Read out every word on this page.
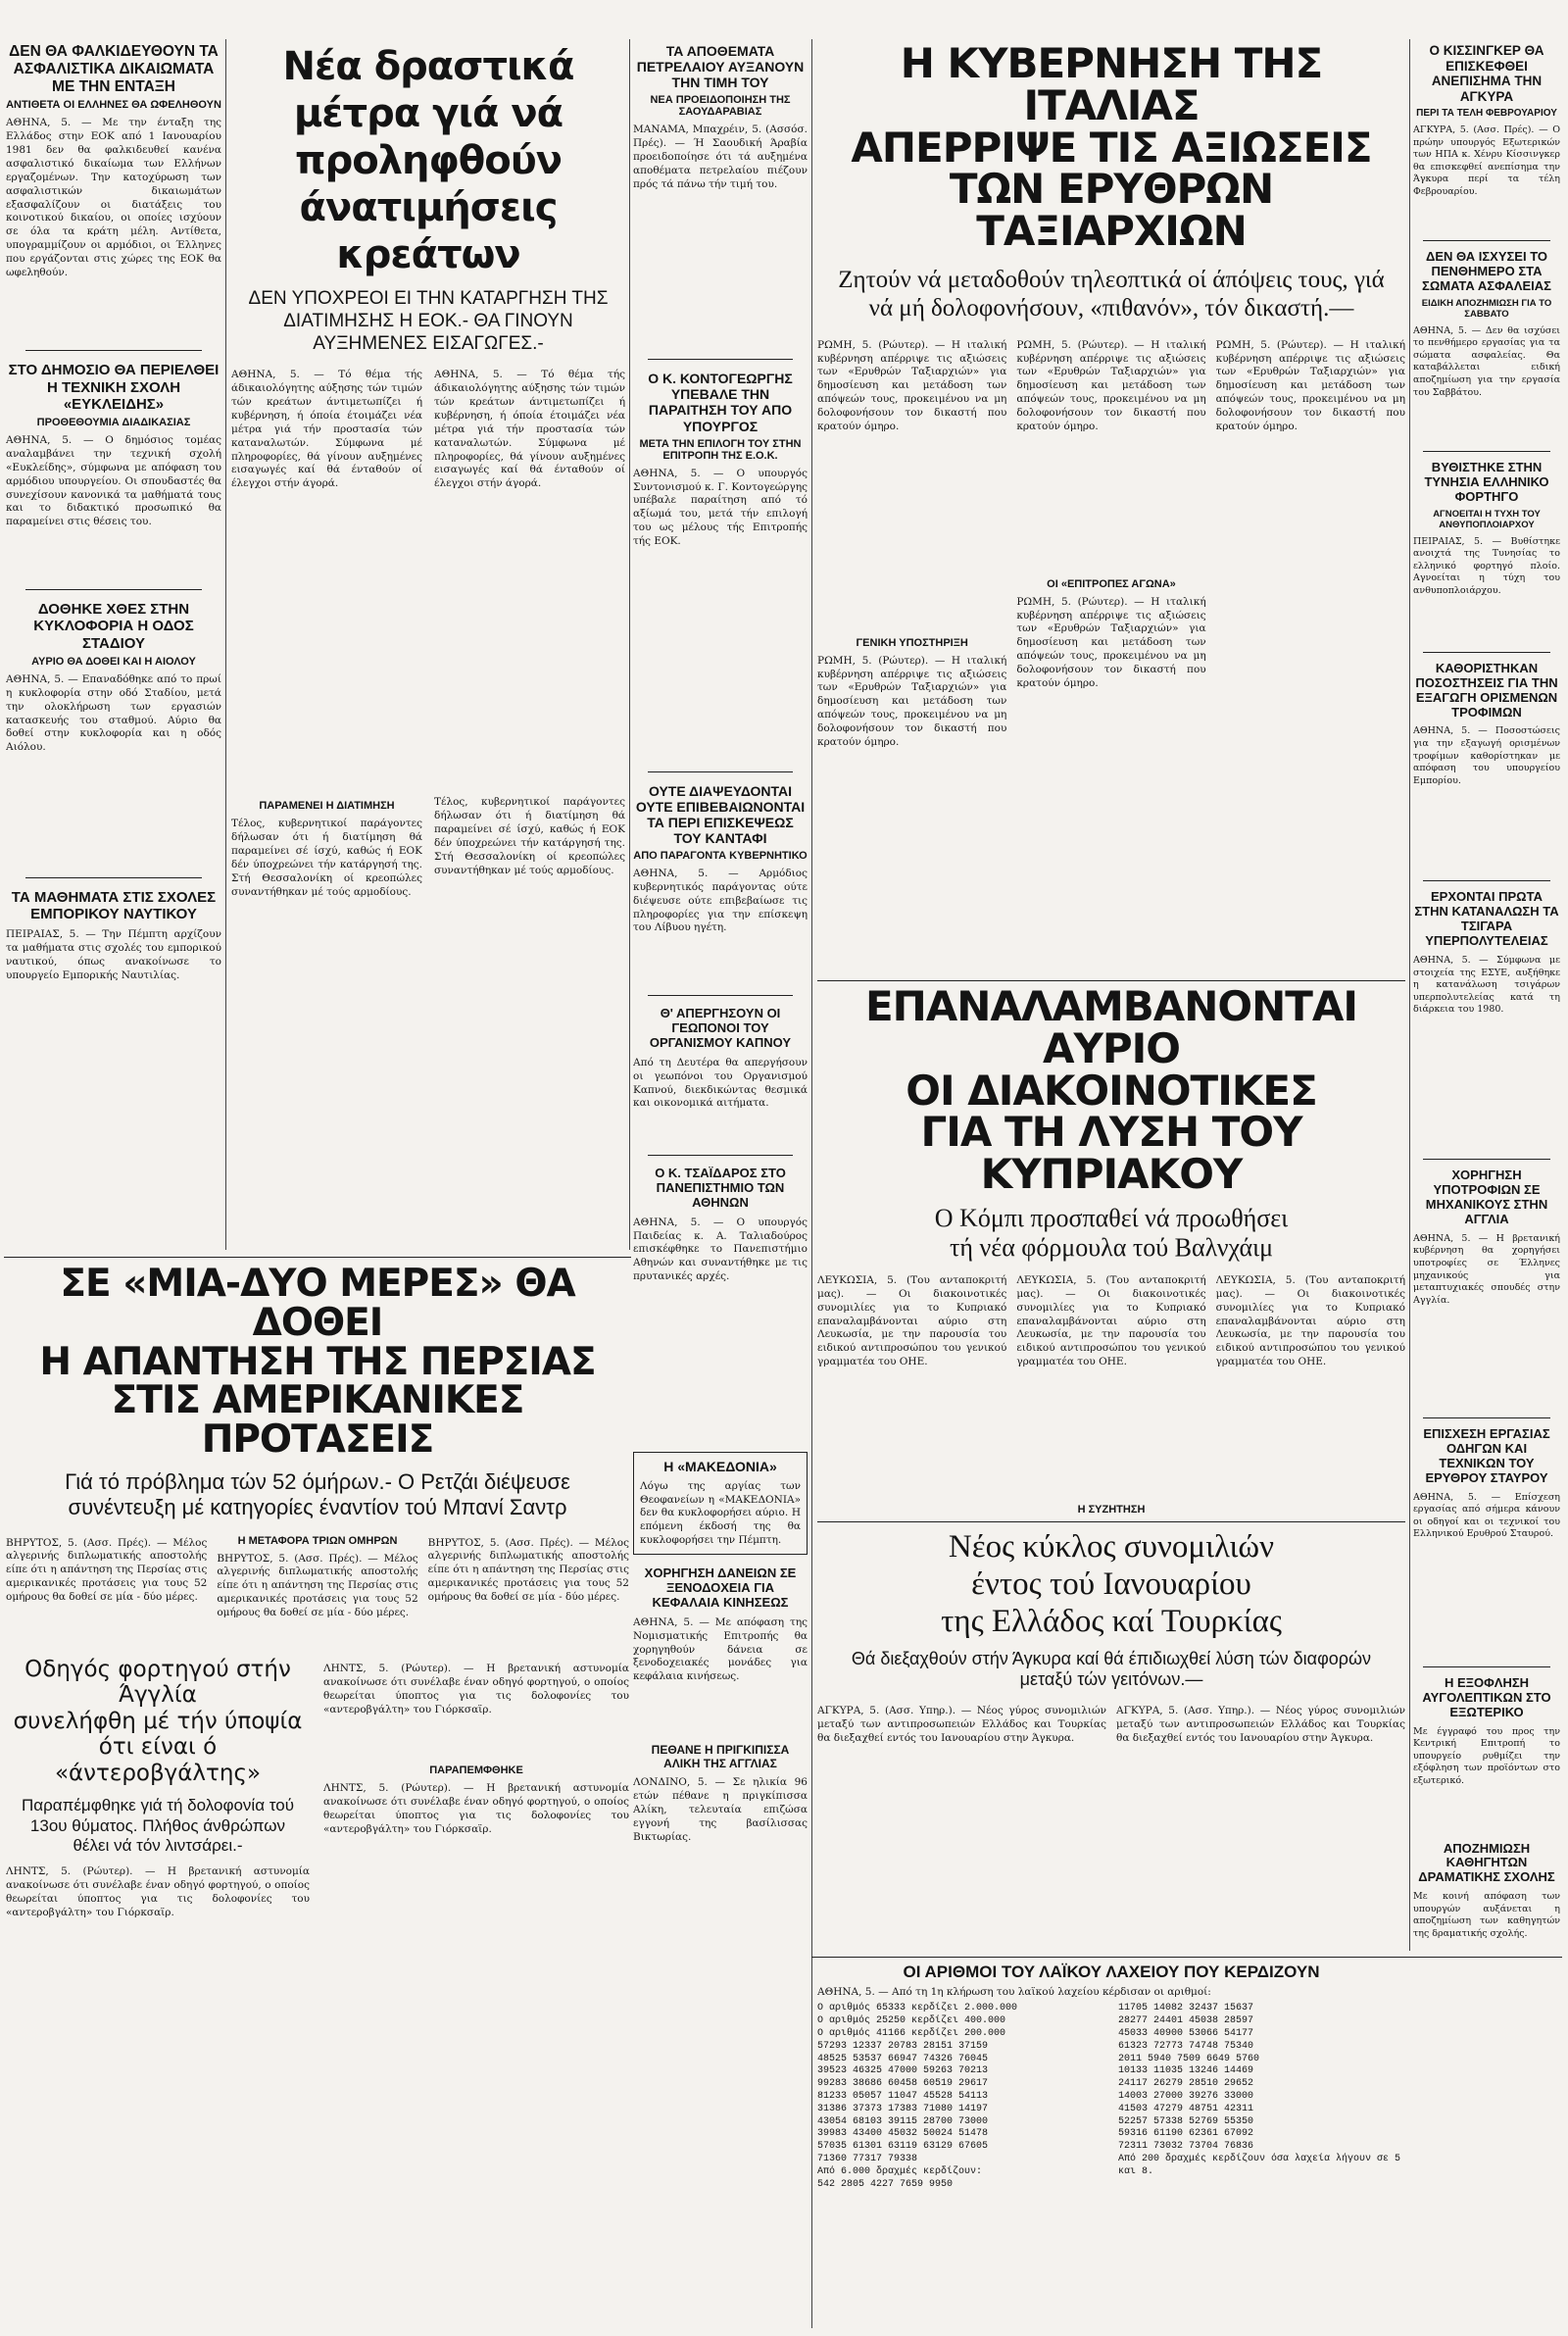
ΔΕΝ ΘΑ ΦΑΛΚΙΔΕΥΘΟΥΝ ΤΑ ΑΣΦΑΛΙΣΤΙΚΑ ΔΙΚΑΙΩΜΑΤΑ ΜΕ ΤΗΝ ΕΝΤΑΞΗ
ΑΝΤΙΘΕΤΑ ΟΙ ΕΛΛΗΝΕΣ ΘΑ ΩΦΕΛΗΘΟΥΝ
ΑΘΗΝΑ, 5. — Με την ένταξη της Ελλάδος στην ΕΟΚ από 1 Ιανουαρίου 1981 δεν θα φαλκιδευθεί κανένα ασφαλιστικό δικαίωμα των Ελλήνων εργαζομένων. Την κατοχύρωση των ασφαλιστικών δικαιωμάτων εξασφαλίζουν οι διατάξεις του κοινοτικού δικαίου, οι οποίες ισχύουν σε όλα τα κράτη μέλη. Αντίθετα, υπογραμμίζουν οι αρμόδιοι, οι Έλληνες που εργάζονται στις χώρες της ΕΟΚ θα ωφεληθούν.
ΣΤΟ ΔΗΜΟΣΙΟ ΘΑ ΠΕΡΙΕΛΘΕΙ Η ΤΕΧΝΙΚΗ ΣΧΟΛΗ «ΕΥΚΛΕΙΔΗΣ»
ΠΡΟΘΕΘΟΥΜΙΑ ΔΙΑΔΙΚΑΣΙΑΣ
ΑΘΗΝΑ, 5. — Ο δημόσιος τομέας αναλαμβάνει την τεχνική σχολή «Ευκλείδης», σύμφωνα με απόφαση του αρμόδιου υπουργείου. Οι σπουδαστές θα συνεχίσουν κανονικά τα μαθήματά τους και το διδακτικό προσωπικό θα παραμείνει στις θέσεις του.
ΔΟΘΗΚΕ ΧΘΕΣ ΣΤΗΝ ΚΥΚΛΟΦΟΡΙΑ Η ΟΔΟΣ ΣΤΑΔΙΟΥ
ΑΥΡΙΟ ΘΑ ΔΟΘΕΙ ΚΑΙ Η ΑΙΟΛΟΥ
ΑΘΗΝΑ, 5. — Επαναδόθηκε από το πρωί η κυκλοφορία στην οδό Σταδίου, μετά την ολοκλήρωση των εργασιών κατασκευής του σταθμού. Αύριο θα δοθεί στην κυκλοφορία και η οδός Αιόλου.
ΤΑ ΜΑΘΗΜΑΤΑ ΣΤΙΣ ΣΧΟΛΕΣ ΕΜΠΟΡΙΚΟΥ ΝΑΥΤΙΚΟΥ
ΠΕΙΡΑΙΑΣ, 5. — Την Πέμπτη αρχίζουν τα μαθήματα στις σχολές του εμπορικού ναυτικού, όπως ανακοίνωσε το υπουργείο Εμπορικής Ναυτιλίας.
Νέα δραστικά μέτρα γιά νά προληφθούν άνατιμήσεις κρεάτων
ΔΕΝ ΥΠΟΧΡΕΟΙ ΕΙ ΤΗΝ ΚΑΤΑΡΓΗΣΗ ΤΗΣ ΔΙΑΤΙΜΗΣΗΣ Η ΕΟΚ.- ΘΑ ΓΙΝΟΥΝ ΑΥΞΗΜΕΝΕΣ ΕΙΣΑΓΩΓΕΣ.-
ΑΘΗΝΑ, 5. — Τό θέμα τής άδικαιολόγητης αύξησης τών τιμών τών κρεάτων άντιμετωπίζει ή κυβέρνηση, ή όποία έτοιμάζει νέα μέτρα γιά τήν προστασία τών καταναλωτών. Σύμφωνα μέ πληροφορίες, θά γίνουν αυξημένες εισαγωγές καί θά ένταθούν οί έλεγχοι στήν άγορά.
ΑΘΗΝΑ, 5. — Τό θέμα τής άδικαιολόγητης αύξησης τών τιμών τών κρεάτων άντιμετωπίζει ή κυβέρνηση, ή όποία έτοιμάζει νέα μέτρα γιά τήν προστασία τών καταναλωτών. Σύμφωνα μέ πληροφορίες, θά γίνουν αυξημένες εισαγωγές καί θά ένταθούν οί έλεγχοι στήν άγορά.
ΠΑΡΑΜΕΝΕΙ Η ΔΙΑΤΙΜΗΣΗ
Τέλος, κυβερνητικοί παράγοντες δήλωσαν ότι ή διατίμηση θά παραμείνει σέ ίσχύ, καθώς ή ΕΟΚ δέν ύποχρεώνει τήν κατάργησή της. Στή Θεσσαλονίκη οί κρεοπώλες συναντήθηκαν μέ τούς αρμοδίους.
Τέλος, κυβερνητικοί παράγοντες δήλωσαν ότι ή διατίμηση θά παραμείνει σέ ίσχύ, καθώς ή ΕΟΚ δέν ύποχρεώνει τήν κατάργησή της. Στή Θεσσαλονίκη οί κρεοπώλες συναντήθηκαν μέ τούς αρμοδίους.
ΤΑ ΑΠΟΘΕΜΑΤΑ ΠΕΤΡΕΛΑΙΟΥ ΑΥΞΑΝΟΥΝ ΤΗΝ ΤΙΜΗ ΤΟΥ
ΝΕΑ ΠΡΟΕΙΔΟΠΟΙΗΣΗ ΤΗΣ ΣΑΟΥΔΑΡΑΒΙΑΣ
ΜΑΝΑΜΑ, Μπαχρέιν, 5. (Ασσόσ. Πρές). — Ή Σαουδική Άραβία προειδοποίησε ότι τά αυξημένα αποθέματα πετρελαίου πιέζουν πρός τά πάνω τήν τιμή του.
Ο Κ. ΚΟΝΤΟΓΕΩΡΓΗΣ ΥΠΕΒΑΛΕ ΤΗΝ ΠΑΡΑΙΤΗΣΗ ΤΟΥ ΑΠΟ ΥΠΟΥΡΓΟΣ
ΜΕΤΑ ΤΗΝ ΕΠΙΛΟΓΗ ΤΟΥ ΣΤΗΝ ΕΠΙΤΡΟΠΗ ΤΗΣ Ε.Ο.Κ.
ΑΘΗΝΑ, 5. — Ο υπουργός Συντονισμού κ. Γ. Κοντογεώργης υπέβαλε παραίτηση από τό αξίωμά του, μετά τήν επιλογή του ως μέλους τής Επιτροπής τής ΕΟΚ.
ΟΥΤΕ ΔΙΑΨΕΥΔΟΝΤΑΙ ΟΥΤΕ ΕΠΙΒΕΒΑΙΩΝΟΝΤΑΙ ΤΑ ΠΕΡΙ ΕΠΙΣΚΕΨΕΩΣ ΤΟΥ ΚΑΝΤΑΦΙ
ΑΠΟ ΠΑΡΑΓΟΝΤΑ ΚΥΒΕΡΝΗΤΙΚΟ
ΑΘΗΝΑ, 5. — Αρμόδιος κυβερνητικός παράγοντας ούτε διέψευσε ούτε επιβεβαίωσε τις πληροφορίες για την επίσκεψη του Λίβυου ηγέτη.
Θ' ΑΠΕΡΓΗΣΟΥΝ ΟΙ ΓΕΩΠΟΝΟΙ ΤΟΥ ΟΡΓΑΝΙΣΜΟΥ ΚΑΠΝΟΥ
Από τη Δευτέρα θα απεργήσουν οι γεωπόνοι του Οργανισμού Καπνού, διεκδικώντας θεσμικά και οικονομικά αιτήματα.
Ο Κ. ΤΣΑΪΔΑΡΟΣ ΣΤΟ ΠΑΝΕΠΙΣΤΗΜΙΟ ΤΩΝ ΑΘΗΝΩΝ
ΑΘΗΝΑ, 5. — Ο υπουργός Παιδείας κ. Α. Ταλιαδούρος επισκέφθηκε το Πανεπιστήμιο Αθηνών και συναντήθηκε με τις πρυτανικές αρχές.
Η «ΜΑΚΕΔΟΝΙΑ»
Λόγω της αργίας των Θεοφανείων η «ΜΑΚΕΔΟΝΙΑ» δεν θα κυκλοφορήσει αύριο. Η επόμενη έκδοσή της θα κυκλοφορήσει την Πέμπτη.
ΧΟΡΗΓΗΣΗ ΔΑΝΕΙΩΝ ΣΕ ΞΕΝΟΔΟΧΕΙΑ ΓΙΑ ΚΕΦΑΛΑΙΑ ΚΙΝΗΣΕΩΣ
ΑΘΗΝΑ, 5. — Με απόφαση της Νομισματικής Επιτροπής θα χορηγηθούν δάνεια σε ξενοδοχειακές μονάδες για κεφάλαια κινήσεως.
ΠΕΘΑΝΕ Η ΠΡΙΓΚΙΠΙΣΣΑ ΑΛΙΚΗ ΤΗΣ ΑΓΓΛΙΑΣ
ΛΟΝΔΙΝΟ, 5. — Σε ηλικία 96 ετών πέθανε η πριγκίπισσα Αλίκη, τελευταία επιζώσα εγγονή της βασίλισσας Βικτωρίας.
Η ΚΥΒΕΡΝΗΣΗ ΤΗΣ ΙΤΑΛΙΑΣ
ΑΠΕΡΡΙΨΕ ΤΙΣ ΑΞΙΩΣΕΙΣ
ΤΩΝ ΕΡΥΘΡΩΝ ΤΑΞΙΑΡΧΙΩΝ
Ζητούν νά μεταδοθούν τηλεοπτικά οί άπόψεις τους, γιά νά μή δολοφονήσουν, «πιθανόν», τόν δικαστή.—
ΡΩΜΗ, 5. (Ρώυτερ). — Η ιταλική κυβέρνηση απέρριψε τις αξιώσεις των «Ερυθρών Ταξιαρχιών» για δημοσίευση και μετάδοση των απόψεών τους, προκειμένου να μη δολοφονήσουν τον δικαστή που κρατούν όμηρο.
ΓΕΝΙΚΗ ΥΠΟΣΤΗΡΙΞΗ
ΡΩΜΗ, 5. (Ρώυτερ). — Η ιταλική κυβέρνηση απέρριψε τις αξιώσεις των «Ερυθρών Ταξιαρχιών» για δημοσίευση και μετάδοση των απόψεών τους, προκειμένου να μη δολοφονήσουν τον δικαστή που κρατούν όμηρο.
ΡΩΜΗ, 5. (Ρώυτερ). — Η ιταλική κυβέρνηση απέρριψε τις αξιώσεις των «Ερυθρών Ταξιαρχιών» για δημοσίευση και μετάδοση των απόψεών τους, προκειμένου να μη δολοφονήσουν τον δικαστή που κρατούν όμηρο.
ΟΙ «ΕΠΙΤΡΟΠΕΣ ΑΓΩΝΑ»
ΡΩΜΗ, 5. (Ρώυτερ). — Η ιταλική κυβέρνηση απέρριψε τις αξιώσεις των «Ερυθρών Ταξιαρχιών» για δημοσίευση και μετάδοση των απόψεών τους, προκειμένου να μη δολοφονήσουν τον δικαστή που κρατούν όμηρο.
ΡΩΜΗ, 5. (Ρώυτερ). — Η ιταλική κυβέρνηση απέρριψε τις αξιώσεις των «Ερυθρών Ταξιαρχιών» για δημοσίευση και μετάδοση των απόψεών τους, προκειμένου να μη δολοφονήσουν τον δικαστή που κρατούν όμηρο.
Ο ΚΙΣΣΙΝΓΚΕΡ ΘΑ ΕΠΙΣΚΕΦΘΕΙ ΑΝΕΠΙΣΗΜΑ ΤΗΝ ΑΓΚΥΡΑ
ΠΕΡΙ ΤΑ ΤΕΛΗ ΦΕΒΡΟΥΑΡΙΟΥ
ΑΓΚΥΡΑ, 5. (Ασσ. Πρές). — Ο πρώην υπουργός Εξωτερικών των ΗΠΑ κ. Χένρυ Κίσσινγκερ θα επισκεφθεί ανεπίσημα την Άγκυρα περί τα τέλη Φεβρουαρίου.
ΔΕΝ ΘΑ ΙΣΧΥΣΕΙ ΤΟ ΠΕΝΘΗΜΕΡΟ ΣΤΑ ΣΩΜΑΤΑ ΑΣΦΑΛΕΙΑΣ
ΕΙΔΙΚΗ ΑΠΟΖΗΜΙΩΣΗ ΓΙΑ ΤΟ ΣΑΒΒΑΤΟ
ΑΘΗΝΑ, 5. — Δεν θα ισχύσει το πενθήμερο εργασίας για τα σώματα ασφαλείας. Θα καταβάλλεται ειδική αποζημίωση για την εργασία του Σαββάτου.
ΒΥΘΙΣΤΗΚΕ ΣΤΗΝ ΤΥΝΗΣΙΑ ΕΛΛΗΝΙΚΟ ΦΟΡΤΗΓΟ
ΑΓΝΟΕΙΤΑΙ Η ΤΥΧΗ ΤΟΥ ΑΝΘΥΠΟΠΛΟΙΑΡΧΟΥ
ΠΕΙΡΑΙΑΣ, 5. — Βυθίστηκε ανοιχτά της Τυνησίας το ελληνικό φορτηγό πλοίο. Αγνοείται η τύχη του ανθυποπλοιάρχου.
ΚΑΘΟΡΙΣΤΗΚΑΝ ΠΟΣΟΣΤΗΣΕΙΣ ΓΙΑ ΤΗΝ ΕΞΑΓΩΓΗ ΟΡΙΣΜΕΝΩΝ ΤΡΟΦΙΜΩΝ
ΑΘΗΝΑ, 5. — Ποσοστώσεις για την εξαγωγή ορισμένων τροφίμων καθορίστηκαν με απόφαση του υπουργείου Εμπορίου.
ΕΡΧΟΝΤΑΙ ΠΡΩΤΑ ΣΤΗΝ ΚΑΤΑΝΑΛΩΣΗ ΤΑ ΤΣΙΓΑΡΑ ΥΠΕΡΠΟΛΥΤΕΛΕΙΑΣ
ΑΘΗΝΑ, 5. — Σύμφωνα με στοιχεία της ΕΣΥΕ, αυξήθηκε η κατανάλωση τσιγάρων υπερπολυτελείας κατά τη διάρκεια του 1980.
ΧΟΡΗΓΗΣΗ ΥΠΟΤΡΟΦΙΩΝ ΣΕ ΜΗΧΑΝΙΚΟΥΣ ΣΤΗΝ ΑΓΓΛΙΑ
ΑΘΗΝΑ, 5. — Η βρετανική κυβέρνηση θα χορηγήσει υποτροφίες σε Έλληνες μηχανικούς για μεταπτυχιακές σπουδές στην Αγγλία.
ΕΠΙΣΧΕΣΗ ΕΡΓΑΣΙΑΣ ΟΔΗΓΩΝ ΚΑΙ ΤΕΧΝΙΚΩΝ ΤΟΥ ΕΡΥΘΡΟΥ ΣΤΑΥΡΟΥ
ΑΘΗΝΑ, 5. — Επίσχεση εργασίας από σήμερα κάνουν οι οδηγοί και οι τεχνικοί του Ελληνικού Ερυθρού Σταυρού.
Η ΕΞΟΦΛΗΣΗ ΑΥΓΟΛΕΠΤΙΚΩΝ ΣΤΟ ΕΞΩΤΕΡΙΚΟ
Με έγγραφό του προς την Κεντρική Επιτροπή το υπουργείο ρυθμίζει την εξόφληση των προϊόντων στο εξωτερικό.
ΑΠΟΖΗΜΙΩΣΗ ΚΑΘΗΓΗΤΩΝ ΔΡΑΜΑΤΙΚΗΣ ΣΧΟΛΗΣ
Με κοινή απόφαση των υπουργών αυξάνεται η αποζημίωση των καθηγητών της δραματικής σχολής.
ΕΠΑΝΑΛΑΜΒΑΝΟΝΤΑΙ ΑΥΡΙΟ
ΟΙ ΔΙΑΚΟΙΝΟΤΙΚΕΣ
ΓΙΑ ΤΗ ΛΥΣΗ ΤΟΥ ΚΥΠΡΙΑΚΟΥ
Ο Κόμπι προσπαθεί νά προωθήσει
τή νέα φόρμουλα τού Βαλνχάιμ
ΛΕΥΚΩΣΙΑ, 5. (Του ανταποκριτή μας). — Οι διακοινοτικές συνομιλίες για το Κυπριακό επαναλαμβάνονται αύριο στη Λευκωσία, με την παρουσία του ειδικού αντιπροσώπου του γενικού γραμματέα του ΟΗΕ.
ΛΕΥΚΩΣΙΑ, 5. (Του ανταποκριτή μας). — Οι διακοινοτικές συνομιλίες για το Κυπριακό επαναλαμβάνονται αύριο στη Λευκωσία, με την παρουσία του ειδικού αντιπροσώπου του γενικού γραμματέα του ΟΗΕ.
Η ΣΥΖΗΤΗΣΗ
ΛΕΥΚΩΣΙΑ, 5. (Του ανταποκριτή μας). — Οι διακοινοτικές συνομιλίες για το Κυπριακό επαναλαμβάνονται αύριο στη Λευκωσία, με την παρουσία του ειδικού αντιπροσώπου του γενικού γραμματέα του ΟΗΕ.
Νέος κύκλος συνομιλιών
έντος τού Ιανουαρίου
της Ελλάδος καί Τουρκίας
Θά διεξαχθούν στήν Άγκυρα καί θά έπιδιωχθεί λύση τών διαφορών μεταξύ τών γειτόνων.—
ΑΓΚΥΡΑ, 5. (Ασσ. Υπηρ.). — Νέος γύρος συνομιλιών μεταξύ των αντιπροσωπειών Ελλάδος και Τουρκίας θα διεξαχθεί εντός του Ιανουαρίου στην Άγκυρα.
ΑΓΚΥΡΑ, 5. (Ασσ. Υπηρ.). — Νέος γύρος συνομιλιών μεταξύ των αντιπροσωπειών Ελλάδος και Τουρκίας θα διεξαχθεί εντός του Ιανουαρίου στην Άγκυρα.
ΟΙ ΑΡΙΘΜΟΙ ΤΟΥ ΛΑΪΚΟΥ ΛΑΧΕΙΟΥ ΠΟΥ ΚΕΡΔΙΖΟΥΝ
ΑΘΗΝΑ, 5. — Από τη 1η κλήρωση του λαϊκού λαχείου κέρδισαν οι αριθμοί:
Ο αριθμός 65333 κερδίζει 2.000.000
Ο αριθμός 25250 κερδίζει 400.000
Ο αριθμός 41166 κερδίζει 200.000
57293 12337 20783 28151 37159
48525 53537 66947 74326 76045
39523 46325 47000 59263 70213
99283 38686 60458 60519 29617
81233 05057 11047 45528 54113
31386 37373 17383 71080 14197
43054 68103 39115 28700 73000
39983 43400 45032 50024 51478
57035 61301 63119 63129 67605
71360 77317 79338
Από 6.000 δραχμές κερδίζουν:
542 2805 4227 7659 9950
11705 14082 32437 15637
28277 24401 45038 28597
45033 40900 53066 54177
61323 72773 74748 75340
2011 5940 7509 6649 5760
10133 11035 13246 14469
24117 26279 28510 29652
14003 27000 39276 33000
41503 47279 48751 42311
52257 57338 52769 55350
59316 61190 62361 67092
72311 73032 73704 76836
Από 200 δραχμές κερδίζουν όσα λαχεία λήγουν σε 5 και 8.
ΣΕ «ΜΙΑ-ΔΥΟ ΜΕΡΕΣ» ΘΑ ΔΟΘΕΙ
Η ΑΠΑΝΤΗΣΗ ΤΗΣ ΠΕΡΣΙΑΣ
ΣΤΙΣ ΑΜΕΡΙΚΑΝΙΚΕΣ ΠΡΟΤΑΣΕΙΣ
Γιά τό πρόβλημα τών 52 όμήρων.- Ο Ρετζάι διέψευσε συνέντευξη μέ κατηγορίες έναντίον τού Μπανί Σαντρ
ΒΗΡΥΤΟΣ, 5. (Ασσ. Πρές). — Μέλος αλγερινής διπλωματικής αποστολής είπε ότι η απάντηση της Περσίας στις αμερικανικές προτάσεις για τους 52 ομήρους θα δοθεί σε μία - δύο μέρες.
Η ΜΕΤΑΦΟΡΑ ΤΡΙΩΝ ΟΜΗΡΩΝ
ΒΗΡΥΤΟΣ, 5. (Ασσ. Πρές). — Μέλος αλγερινής διπλωματικής αποστολής είπε ότι η απάντηση της Περσίας στις αμερικανικές προτάσεις για τους 52 ομήρους θα δοθεί σε μία - δύο μέρες.
ΒΗΡΥΤΟΣ, 5. (Ασσ. Πρές). — Μέλος αλγερινής διπλωματικής αποστολής είπε ότι η απάντηση της Περσίας στις αμερικανικές προτάσεις για τους 52 ομήρους θα δοθεί σε μία - δύο μέρες.
Οδηγός φορτηγού στήν Άγγλία
συνελήφθη μέ τήν ύποψία
ότι είναι ό «άντεροβγάλτης»
Παραπέμφθηκε γιά τή δολοφονία τού 13ου θύματος. Πλήθος άνθρώπων θέλει νά τόν λιντσάρει.-
ΛΗΝΤΣ, 5. (Ρώυτερ). — Η βρετανική αστυνομία ανακοίνωσε ότι συνέλαβε έναν οδηγό φορτηγού, ο οποίος θεωρείται ύποπτος για τις δολοφονίες του «αντεροβγάλτη» του Γιόρκσαϊρ.
ΛΗΝΤΣ, 5. (Ρώυτερ). — Η βρετανική αστυνομία ανακοίνωσε ότι συνέλαβε έναν οδηγό φορτηγού, ο οποίος θεωρείται ύποπτος για τις δολοφονίες του «αντεροβγάλτη» του Γιόρκσαϊρ.
ΠΑΡΑΠΕΜΦΘΗΚΕ
ΛΗΝΤΣ, 5. (Ρώυτερ). — Η βρετανική αστυνομία ανακοίνωσε ότι συνέλαβε έναν οδηγό φορτηγού, ο οποίος θεωρείται ύποπτος για τις δολοφονίες του «αντεροβγάλτη» του Γιόρκσαϊρ.
